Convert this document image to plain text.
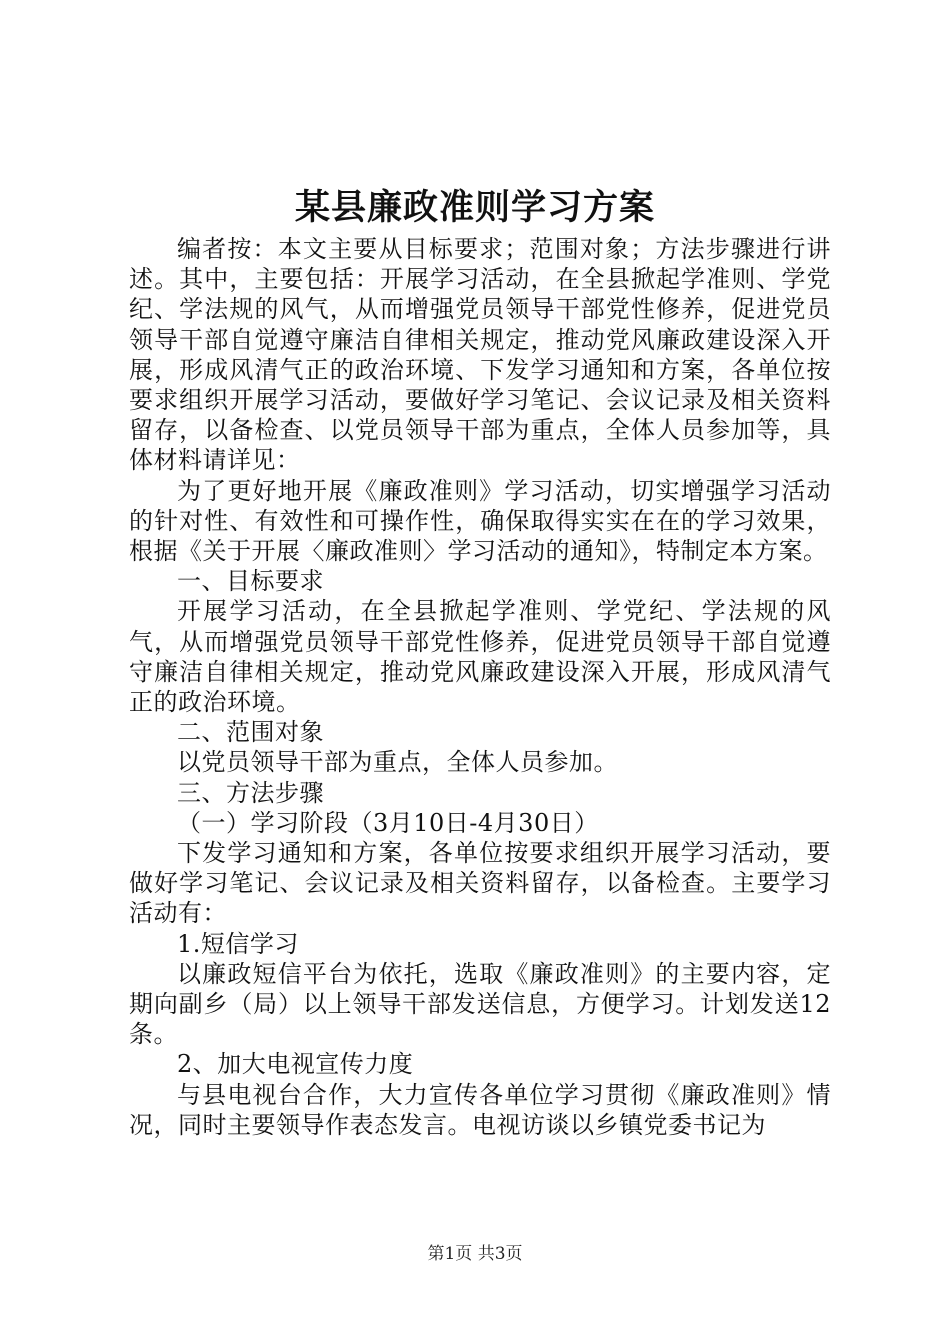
某县廉政准则学习方案

编者按：本文主要从目标要求；范围对象；方法步骤进行讲述。其中，主要包括：开展学习活动，在全县掀起学准则、学党纪、学法规的风气，从而增强党员领导干部党性修养，促进党员领导干部自觉遵守廉洁自律相关规定，推动党风廉政建设深入开展，形成风清气正的政治环境、下发学习通知和方案，各单位按要求组织开展学习活动，要做好学习笔记、会议记录及相关资料留存，以备检查、以党员领导干部为重点，全体人员参加等，具体材料请详见：

为了更好地开展《廉政准则》学习活动，切实增强学习活动的针对性、有效性和可操作性，确保取得实实在在的学习效果，根据《关于开展〈廉政准则〉学习活动的通知》，特制定本方案。

一、目标要求

开展学习活动，在全县掀起学准则、学党纪、学法规的风气，从而增强党员领导干部党性修养，促进党员领导干部自觉遵守廉洁自律相关规定，推动党风廉政建设深入开展，形成风清气正的政治环境。

二、范围对象

以党员领导干部为重点，全体人员参加。

三、方法步骤

（一）学习阶段（3月10日-4月30日）

下发学习通知和方案，各单位按要求组织开展学习活动，要做好学习笔记、会议记录及相关资料留存，以备检查。主要学习活动有：

1.短信学习

以廉政短信平台为依托，选取《廉政准则》的主要内容，定期向副乡（局）以上领导干部发送信息，方便学习。计划发送12条。

2、加大电视宣传力度

与县电视台合作，大力宣传各单位学习贯彻《廉政准则》情况，同时主要领导作表态发言。电视访谈以乡镇党委书记为

第1页 共3页
